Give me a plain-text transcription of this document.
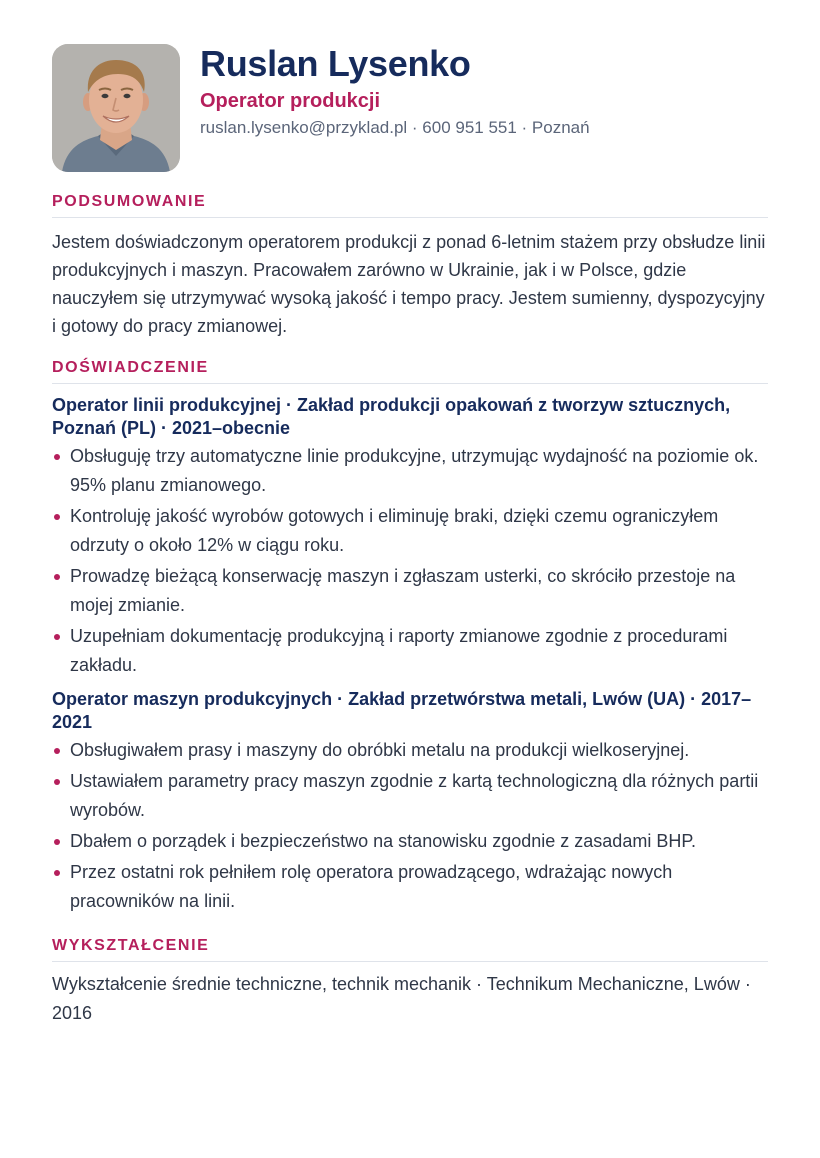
Ruslan Lysenko
Operator produkcji
ruslan.lysenko@przyklad.pl · 600 951 551 · Poznań
PODSUMOWANIE
Jestem doświadczonym operatorem produkcji z ponad 6-letnim stażem przy obsłudze linii produkcyjnych i maszyn. Pracowałem zarówno w Ukrainie, jak i w Polsce, gdzie nauczyłem się utrzymywać wysoką jakość i tempo pracy. Jestem sumienny, dyspozycyjny i gotowy do pracy zmianowej.
DOŚWIADCZENIE
Operator linii produkcyjnej · Zakład produkcji opakowań z tworzyw sztucznych, Poznań (PL) · 2021–obecnie
Obsługuję trzy automatyczne linie produkcyjne, utrzymując wydajność na poziomie ok. 95% planu zmianowego.
Kontroluję jakość wyrobów gotowych i eliminuję braki, dzięki czemu ograniczyłem odrzuty o około 12% w ciągu roku.
Prowadzę bieżącą konserwację maszyn i zgłaszam usterki, co skróciło przestoje na mojej zmianie.
Uzupełniam dokumentację produkcyjną i raporty zmianowe zgodnie z procedurami zakładu.
Operator maszyn produkcyjnych · Zakład przetwórstwa metali, Lwów (UA) · 2017–2021
Obsługiwałem prasy i maszyny do obróbki metalu na produkcji wielkoseryjnej.
Ustawiałem parametry pracy maszyn zgodnie z kartą technologiczną dla różnych partii wyrobów.
Dbałem o porządek i bezpieczeństwo na stanowisku zgodnie z zasadami BHP.
Przez ostatni rok pełniłem rolę operatora prowadzącego, wdrażając nowych pracowników na linii.
WYKSZTAŁCENIE
Wykształcenie średnie techniczne, technik mechanik · Technikum Mechaniczne, Lwów · 2016
